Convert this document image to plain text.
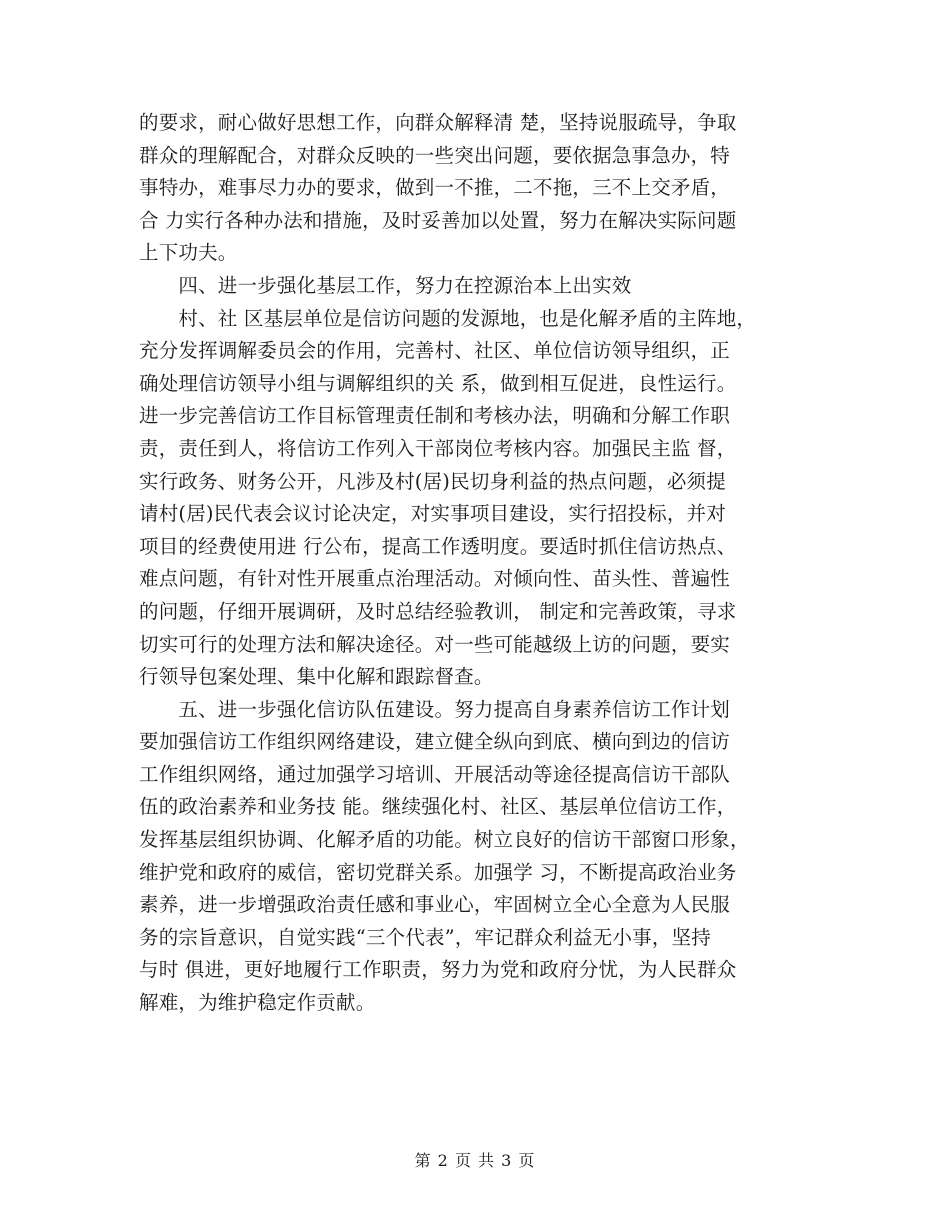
的要求，耐心做好思想工作，向群众解释清 楚，坚持说服疏导，争取
群众的理解配合，对群众反映的一些突出问题，要依据急事急办，特
事特办，难事尽力办的要求，做到一不推，二不拖，三不上交矛盾，
合 力实行各种办法和措施，及时妥善加以处置，努力在解决实际问题
上下功夫。
　　四、进一步强化基层工作，努力在控源治本上出实效
　　村、社 区基层单位是信访问题的发源地，也是化解矛盾的主阵地，
充分发挥调解委员会的作用，完善村、社区、单位信访领导组织，正
确处理信访领导小组与调解组织的关 系，做到相互促进，良性运行。
进一步完善信访工作目标管理责任制和考核办法，明确和分解工作职
责，责任到人，将信访工作列入干部岗位考核内容。加强民主监 督，
实行政务、财务公开，凡涉及村(居)民切身利益的热点问题，必须提
请村(居)民代表会议讨论决定，对实事项目建设，实行招投标，并对
项目的经费使用进 行公布，提高工作透明度。要适时抓住信访热点、
难点问题，有针对性开展重点治理活动。对倾向性、苗头性、普遍性
的问题，仔细开展调研，及时总结经验教训， 制定和完善政策，寻求
切实可行的处理方法和解决途径。对一些可能越级上访的问题，要实
行领导包案处理、集中化解和跟踪督查。
　　五、进一步强化信访队伍建设。努力提高自身素养信访工作计划
要加强信访工作组织网络建设，建立健全纵向到底、横向到边的信访
工作组织网络，通过加强学习培训、开展活动等途径提高信访干部队
伍的政治素养和业务技 能。继续强化村、社区、基层单位信访工作，
发挥基层组织协调、化解矛盾的功能。树立良好的信访干部窗口形象，
维护党和政府的威信，密切党群关系。加强学 习，不断提高政治业务
素养，进一步增强政治责任感和事业心，牢固树立全心全意为人民服
务的宗旨意识，自觉实践“三个代表”，牢记群众利益无小事，坚持
与时 俱进，更好地履行工作职责，努力为党和政府分忧，为人民群众
解难，为维护稳定作贡献。
第 2 页 共 3 页
